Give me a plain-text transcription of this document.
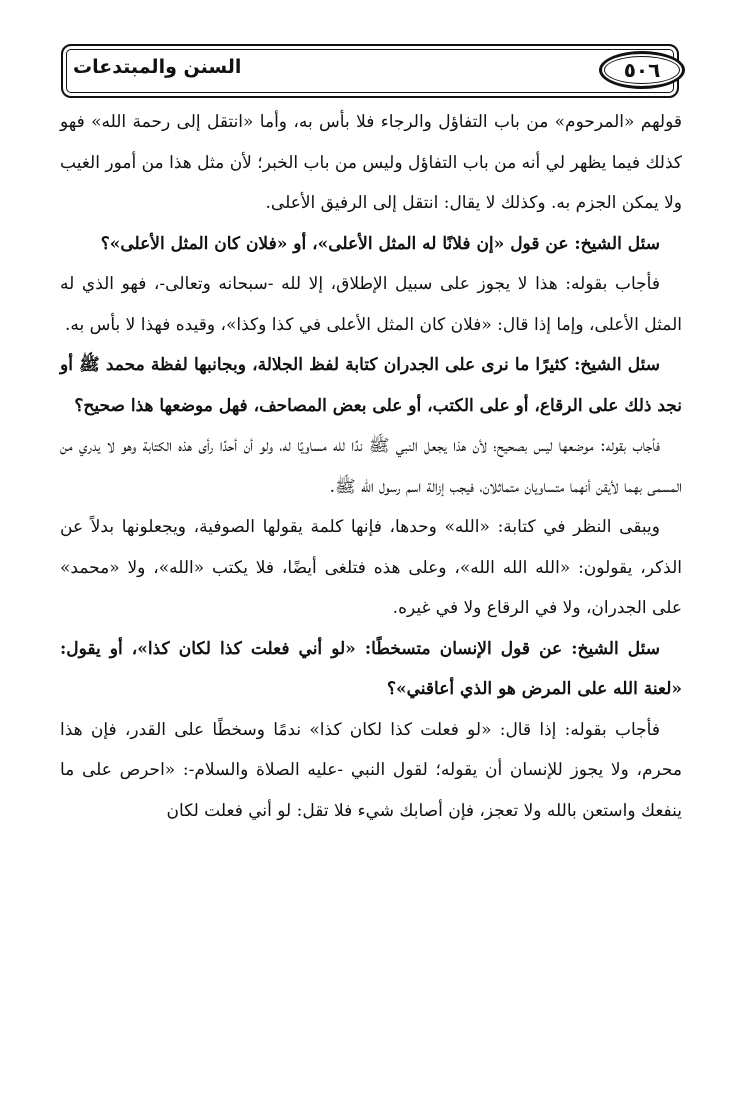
السنن والمبتدعات	٥٠٦

قولهم «المرحوم» من باب التفاؤل والرجاء فلا بأس به، وأما «انتقل إلى رحمة الله» فهو كذلك فيما يظهر لي أنه من باب التفاؤل وليس من باب الخبر؛ لأن مثل هذا من أمور الغيب ولا يمكن الجزم به. وكذلك لا يقال: انتقل إلى الرفيق الأعلى.

سئل الشيخ: عن قول «إن فلانًا له المثل الأعلى»، أو «فلان كان المثل الأعلى»؟

فأجاب بقوله: هذا لا يجوز على سبيل الإطلاق، إلا لله -سبحانه وتعالى-، فهو الذي له المثل الأعلى، وإما إذا قال: «فلان كان المثل الأعلى في كذا وكذا»، وقيده فهذا لا بأس به.

سئل الشيخ: كثيرًا ما نرى على الجدران كتابة لفظ الجلالة، وبجانبها لفظة محمد ﷺ أو نجد ذلك على الرقاع، أو على الكتب، أو على بعض المصاحف، فهل موضعها هذا صحيح؟

فأجاب بقوله: موضعها ليس بصحيح؛ لأن هذا يجعل النبي ﷺ ندًا لله مساويًا له، ولو أن أحدًا رأى هذه الكتابة وهو لا يدري من المسمى بهما لأيقن أنهما متساويان متماثلان، فيجب إزالة اسم رسول الله ﷺ.

ويبقى النظر في كتابة: «الله» وحدها، فإنها كلمة يقولها الصوفية، ويجعلونها بدلاً عن الذكر، يقولون: «الله الله الله»، وعلى هذه فتلغى أيضًا، فلا يكتب «الله»، ولا «محمد» على الجدران، ولا في الرقاع ولا في غيره.

سئل الشيخ: عن قول الإنسان متسخطًا: «لو أني فعلت كذا لكان كذا»، أو يقول: «لعنة الله على المرض هو الذي أعاقني»؟

فأجاب بقوله: إذا قال: «لو فعلت كذا لكان كذا» ندمًا وسخطًا على القدر، فإن هذا محرم، ولا يجوز للإنسان أن يقوله؛ لقول النبي -عليه الصلاة والسلام-: «احرص على ما ينفعك واستعن بالله ولا تعجز، فإن أصابك شيء فلا تقل: لو أني فعلت لكان
